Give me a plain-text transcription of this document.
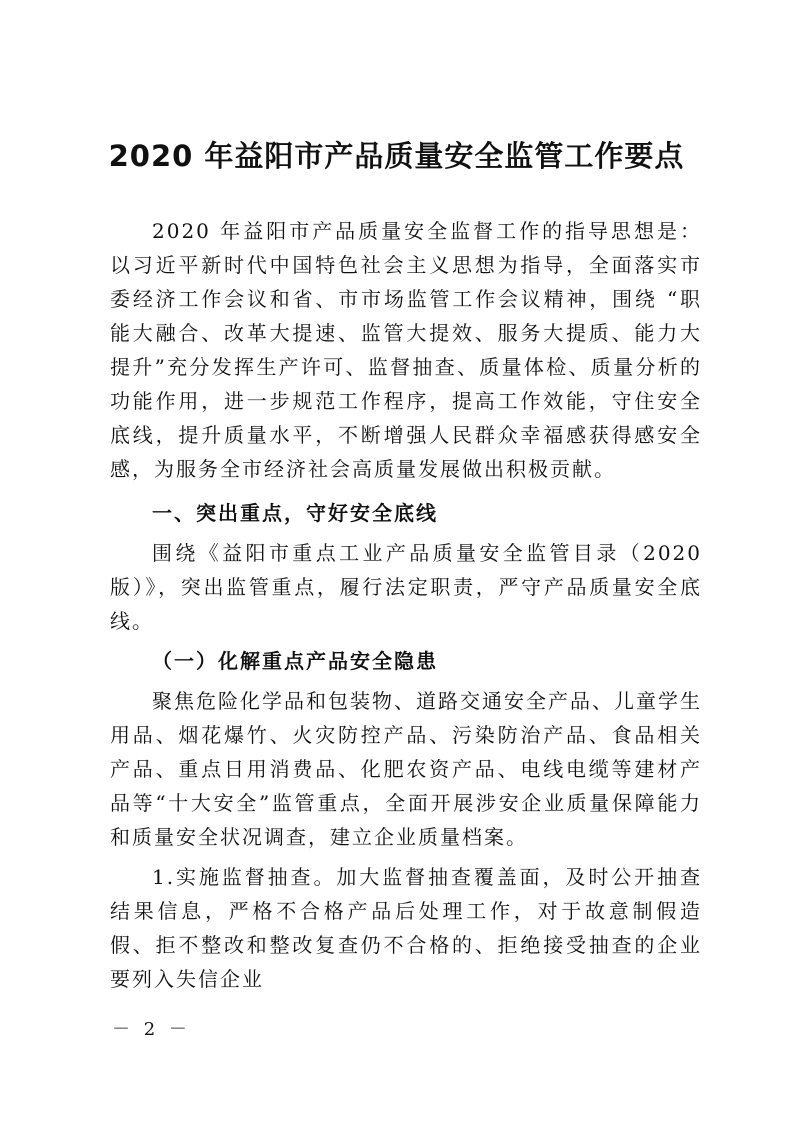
2020 年益阳市产品质量安全监管工作要点

2020 年益阳市产品质量安全监督工作的指导思想是：以习近平新时代中国特色社会主义思想为指导，全面落实市委经济工作会议和省、市市场监管工作会议精神，围绕 “职能大融合、改革大提速、监管大提效、服务大提质、能力大提升”充分发挥生产许可、监督抽查、质量体检、质量分析的功能作用，进一步规范工作程序，提高工作效能，守住安全底线，提升质量水平，不断增强人民群众幸福感获得感安全感，为服务全市经济社会高质量发展做出积极贡献。

一、突出重点，守好安全底线

围绕《益阳市重点工业产品质量安全监管目录（2020 版）》，突出监管重点，履行法定职责，严守产品质量安全底线。

（一）化解重点产品安全隐患

聚焦危险化学品和包装物、道路交通安全产品、儿童学生用品、烟花爆竹、火灾防控产品、污染防治产品、食品相关产品、重点日用消费品、化肥农资产品、电线电缆等建材产品等“十大安全”监管重点，全面开展涉安企业质量保障能力和质量安全状况调查，建立企业质量档案。

1.实施监督抽查。加大监督抽查覆盖面，及时公开抽查结果信息，严格不合格产品后处理工作，对于故意制假造假、拒不整改和整改复查仍不合格的、拒绝接受抽查的企业要列入失信企业

－ 2 －
